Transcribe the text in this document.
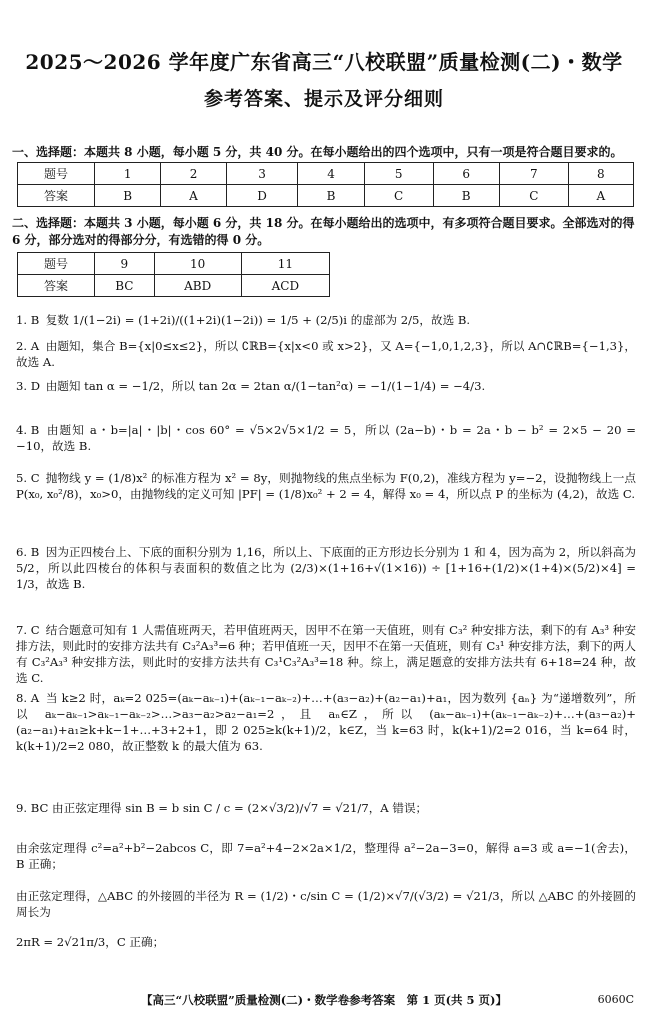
2025～2026 学年度广东省高三“八校联盟”质量检测(二)・数学
参考答案、提示及评分细则
一、选择题：本题共 8 小题，每小题 5 分，共 40 分。在每小题给出的四个选项中，只有一项是符合题目要求的。
题号	1	2	3	4	5	6	7	8
答案	B	A	D	B	C	B	C	A
二、选择题：本题共 3 小题，每小题 6 分，共 18 分。在每小题给出的选项中，有多项符合题目要求。全部选对的得 6 分，部分选对的得部分分，有选错的得 0 分。
题号	9	10	11
答案	BC	ABD	ACD
1. B 复数 1/(1−2i) = (1+2i)/((1+2i)(1−2i)) = 1/5 + (2/5)i 的虚部为 2/5，故选 B.
2. A 由题知，集合 B={x|0≤x≤2}，所以 ∁ℝB={x|x<0 或 x>2}，又 A={−1,0,1,2,3}，所以 A∩∁ℝB={−1,3}，故选 A.
3. D 由题知 tan α = −1/2，所以 tan 2α = 2tan α/(1−tan²α) = −1/(1−1/4) = −4/3.
4. B 由题知 a・b=|a|・|b|・cos 60° = √5×2√5×1/2 = 5，所以 (2a−b)・b = 2a・b − b² = 2×5 − 20 = −10，故选 B.
5. C 抛物线 y = (1/8)x² 的标准方程为 x² = 8y，则抛物线的焦点坐标为 F(0,2)，准线方程为 y=−2，设抛物线上一点 P(x₀, x₀²/8)，x₀>0，由抛物线的定义可知 |PF| = (1/8)x₀² + 2 = 4，解得 x₀ = 4，所以点 P 的坐标为 (4,2)，故选 C.
6. B 因为正四棱台上、下底的面积分别为 1,16，所以上、下底面的正方形边长分别为 1 和 4，因为高为 2，所以斜高为 5/2，所以此四棱台的体积与表面积的数值之比为 (2/3)×(1+16+√(1×16)) ÷ [1+16+(1/2)×(1+4)×(5/2)×4] = 1/3，故选 B.
7. C 结合题意可知有 1 人需值班两天，若甲值班两天，因甲不在第一天值班，则有 C₃² 种安排方法，剩下的有 A₃³ 种安排方法，则此时的安排方法共有 C₃²A₃³=6 种；若甲值班一天，因甲不在第一天值班，则有 C₃¹ 种安排方法，剩下的两人有 C₃²A₃³ 种安排方法，则此时的安排方法共有 C₃¹C₃²A₃³=18 种。综上，满足题意的安排方法共有 6+18=24 种，故选 C.
8. A 当 k≥2 时，aₖ=2 025=(aₖ−aₖ₋₁)+(aₖ₋₁−aₖ₋₂)+…+(a₃−a₂)+(a₂−a₁)+a₁，因为数列 {aₙ} 为“递增数列”，所以 aₖ−aₖ₋₁>aₖ₋₁−aₖ₋₂>…>a₃−a₂>a₂−a₁=2，且 aₙ∈Z，所以 (aₖ−aₖ₋₁)+(aₖ₋₁−aₖ₋₂)+…+(a₃−a₂)+(a₂−a₁)+a₁≥k+k−1+…+3+2+1，即 2 025≥k(k+1)/2，k∈Z，当 k=63 时，k(k+1)/2=2 016，当 k=64 时，k(k+1)/2=2 080，故正整数 k 的最大值为 63.
9. BC 由正弦定理得 sin B = b sin C / c = (2×√3/2)/√7 = √21/7，A 错误；
由余弦定理得 c²=a²+b²−2abcos C，即 7=a²+4−2×2a×1/2，整理得 a²−2a−3=0，解得 a=3 或 a=−1(舍去)，B 正确；
由正弦定理得，△ABC 的外接圆的半径为 R = (1/2)・c/sin C = (1/2)×√7/(√3/2) = √21/3，所以 △ABC 的外接圆的周长为
2πR = 2√21π/3，C 正确；
【高三“八校联盟”质量检测(二)・数学卷参考答案　第 1 页(共 5 页)】	6060C
